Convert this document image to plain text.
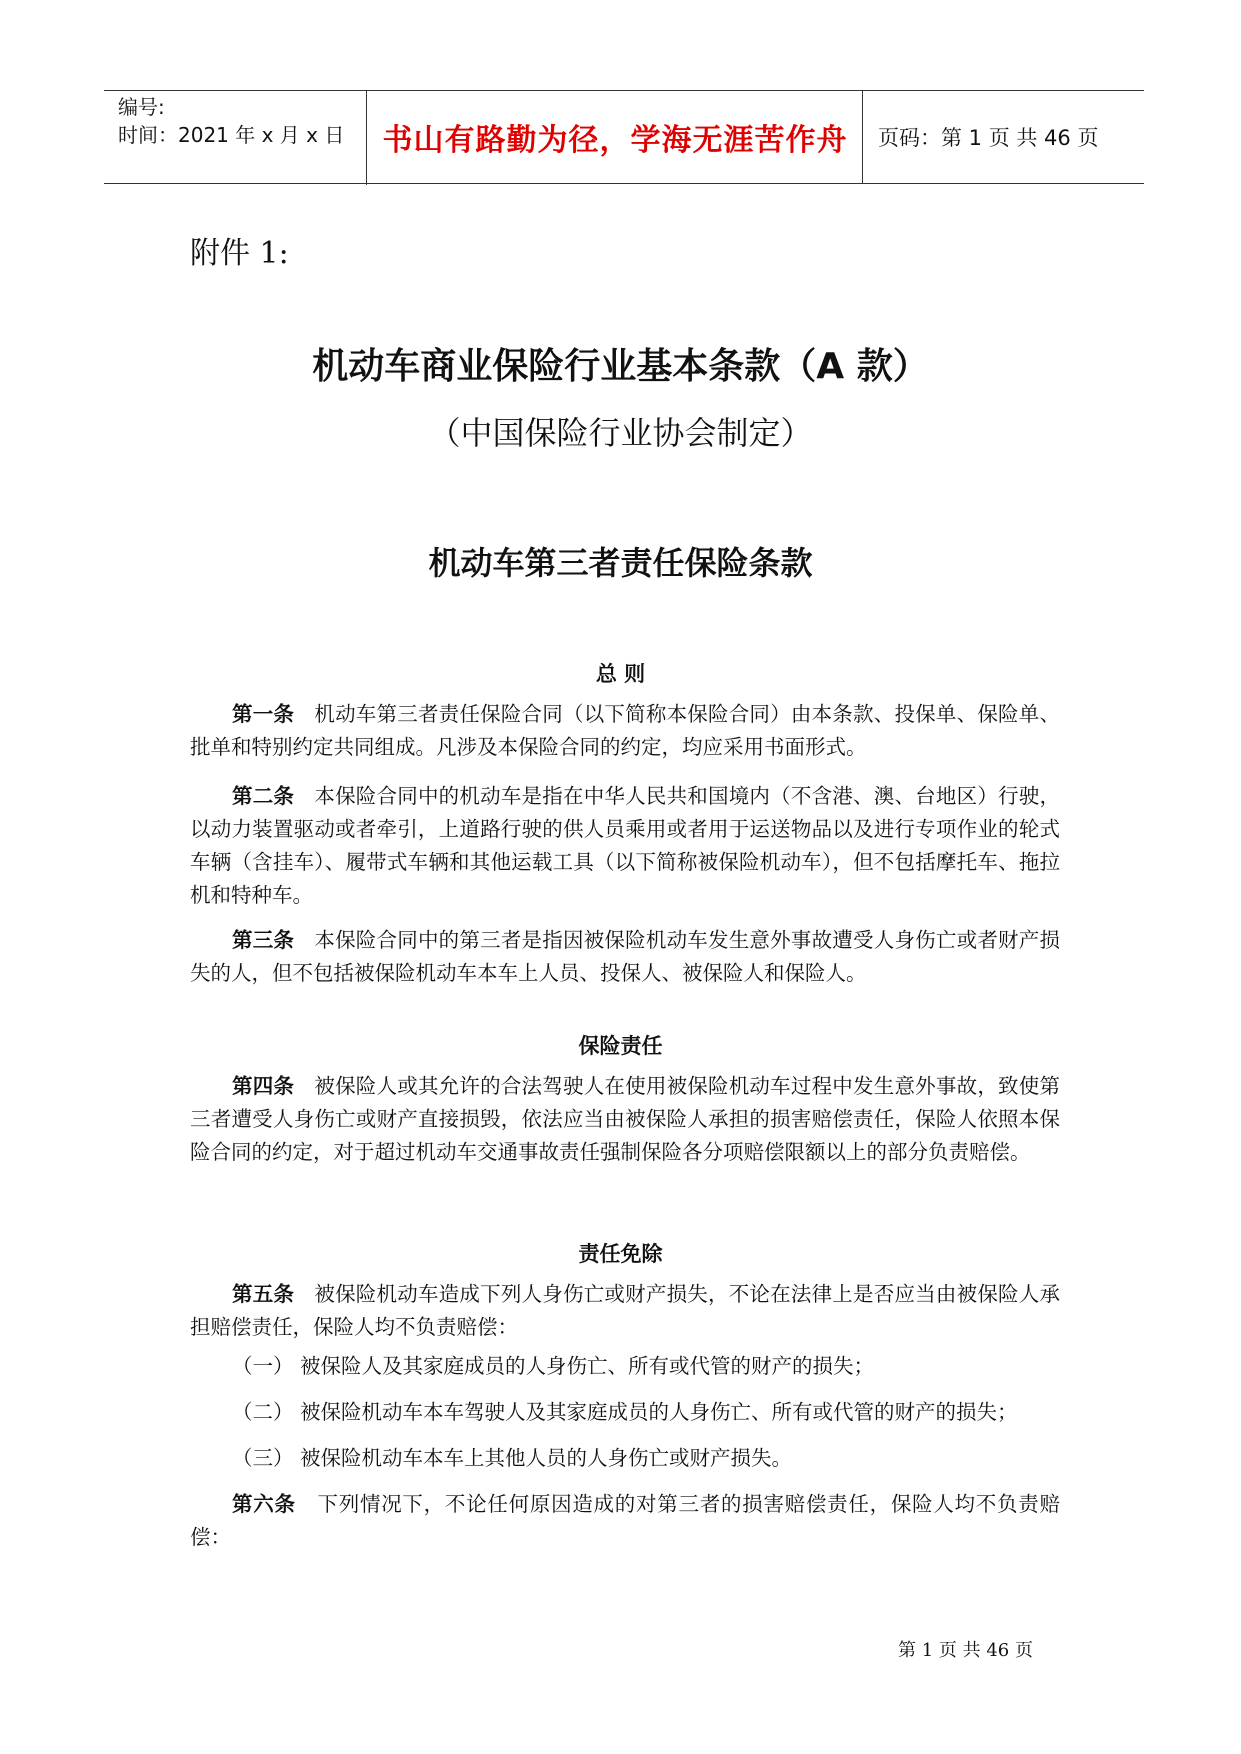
编号:
时间：2021 年 x 月 x 日	书山有路勤为径，学海无涯苦作舟	页码：第 1 页 共 46 页
附件 1:
机动车商业保险行业基本条款（A 款）
（中国保险行业协会制定）
机动车第三者责任保险条款
总 则
第一条 机动车第三者责任保险合同（以下简称本保险合同）由本条款、投保单、保险单、批单和特别约定共同组成。凡涉及本保险合同的约定，均应采用书面形式。
第二条 本保险合同中的机动车是指在中华人民共和国境内（不含港、澳、台地区）行驶，以动力装置驱动或者牵引，上道路行驶的供人员乘用或者用于运送物品以及进行专项作业的轮式车辆（含挂车）、履带式车辆和其他运载工具（以下简称被保险机动车），但不包括摩托车、拖拉机和特种车。
第三条 本保险合同中的第三者是指因被保险机动车发生意外事故遭受人身伤亡或者财产损失的人，但不包括被保险机动车本车上人员、投保人、被保险人和保险人。
保险责任
第四条 被保险人或其允许的合法驾驶人在使用被保险机动车过程中发生意外事故，致使第三者遭受人身伤亡或财产直接损毁，依法应当由被保险人承担的损害赔偿责任，保险人依照本保险合同的约定，对于超过机动车交通事故责任强制保险各分项赔偿限额以上的部分负责赔偿。
责任免除
第五条 被保险机动车造成下列人身伤亡或财产损失，不论在法律上是否应当由被保险人承担赔偿责任，保险人均不负责赔偿：
（一） 被保险人及其家庭成员的人身伤亡、所有或代管的财产的损失；
（二） 被保险机动车本车驾驶人及其家庭成员的人身伤亡、所有或代管的财产的损失；
（三） 被保险机动车本车上其他人员的人身伤亡或财产损失。
第六条 下列情况下，不论任何原因造成的对第三者的损害赔偿责任，保险人均不负责赔偿：
第 1 页 共 46 页
